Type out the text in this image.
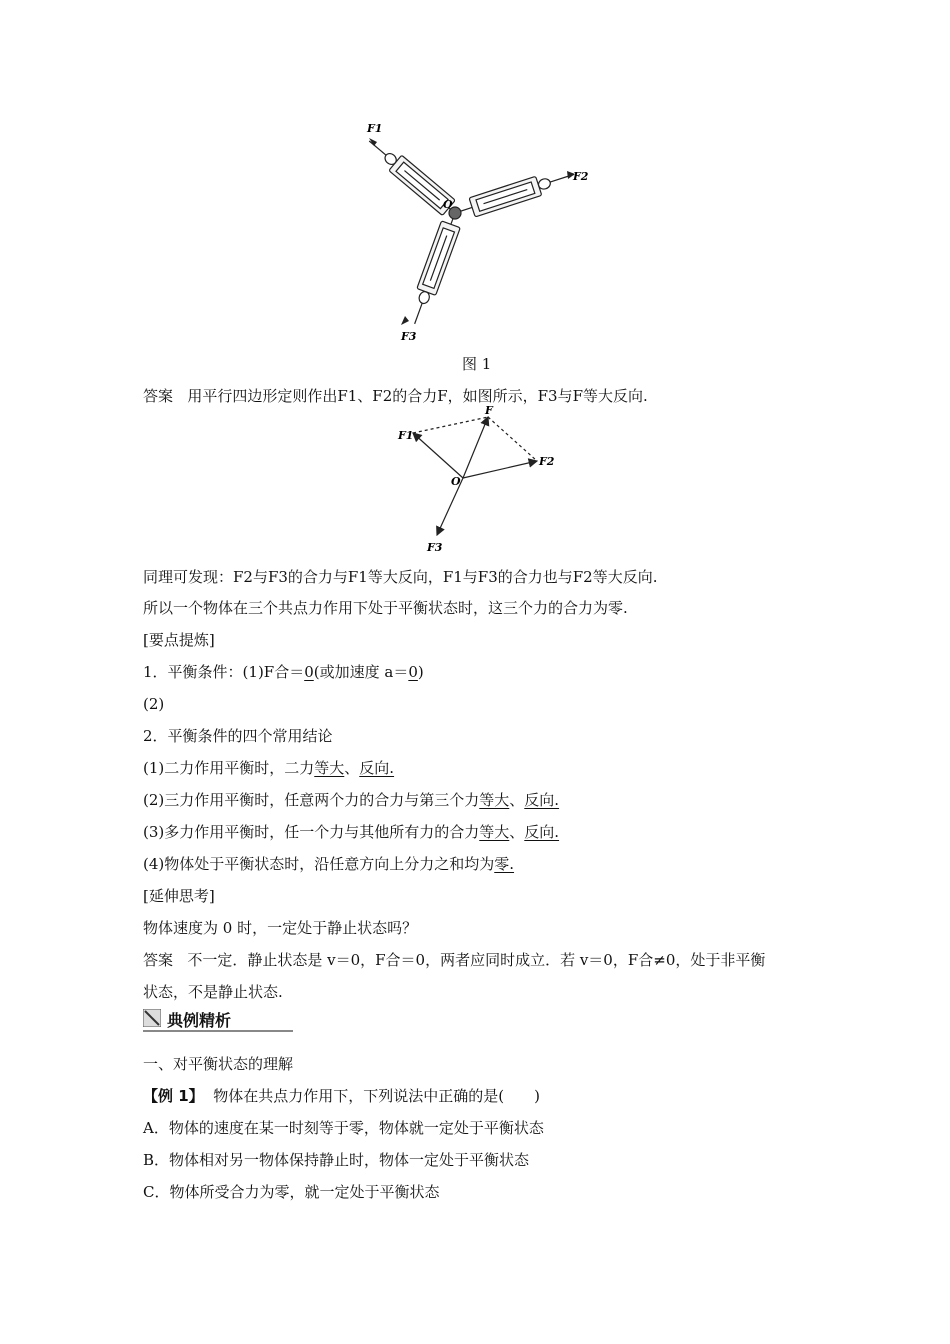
F1
F2
F3
O
图 1
答案 用平行四边形定则作出F1、F2的合力F，如图所示，F3与F等大反向.
F
F1
F2
F3
O
同理可发现：F2与F3的合力与F1等大反向，F1与F3的合力也与F2等大反向.
所以一个物体在三个共点力作用下处于平衡状态时，这三个力的合力为零.
[要点提炼]
1．平衡条件：(1)F合＝0(或加速度 a＝0)
(2)
2．平衡条件的四个常用结论
(1)二力作用平衡时，二力等大、反向.
(2)三力作用平衡时，任意两个力的合力与第三个力等大、反向.
(3)多力作用平衡时，任一个力与其他所有力的合力等大、反向.
(4)物体处于平衡状态时，沿任意方向上分力之和均为零.
[延伸思考]
物体速度为 0 时，一定处于静止状态吗？
答案 不一定．静止状态是 v＝0，F合＝0，两者应同时成立．若 v＝0，F合≠0，处于非平衡
状态，不是静止状态.
典例精析
一、对平衡状态的理解
【例 1】 物体在共点力作用下，下列说法中正确的是(　　)
A．物体的速度在某一时刻等于零，物体就一定处于平衡状态
B．物体相对另一物体保持静止时，物体一定处于平衡状态
C．物体所受合力为零，就一定处于平衡状态
